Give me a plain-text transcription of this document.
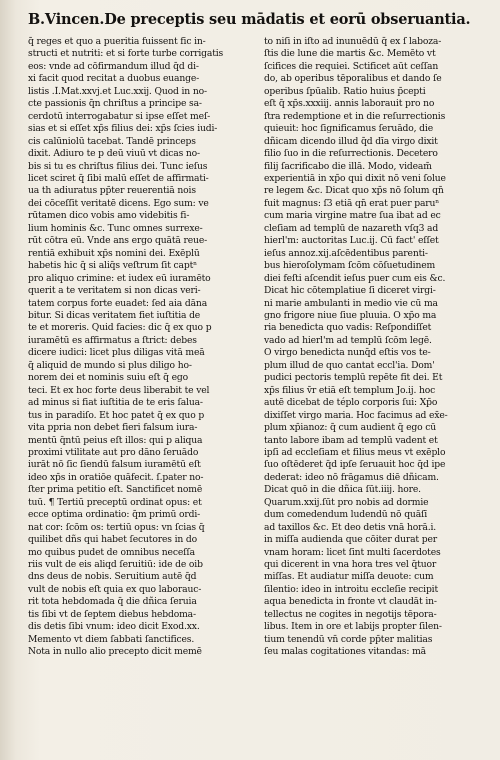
B.Vincen.De preceptis seu mādatis et eorū obseruantia.
q̄ reges et quo a pueritia fuissent fic in-
structi et nutriti: et si forte turbe corrigatis
eos: vnde ad cōfirmandum illud q̄d di-
xi facit quod recitat a duobus euange-
listis .Ī.Mat.xxvj.et Luc.xxij. Quod in no-
cte passionis q̄n chriſtus a principe sa-
cerdotū interrogabatur si ipse eſſet meſ-
sias et si eſſet xp̄s filius dei: xp̄s ſcies iudi-
cis calūniolū tacebat. Tandē princeps
dixit. Adiuro te p deū viuū vt dicas no-
bis si tu es chriſtus filius dei. Tunc ieſus
licet sciret q̄ ſibi malū eſſet de affirmati-
ua th̄ adiuratus pp̄ter reuerentiā nois
dei cōceſſit veritatē dicens. Ego sum: ve
rūtamen dico vobis amo videbitis fi-
lium hominis &c. Tunc omnes surrexe-
rūt cōtra eū. Vnde ans ergo quātā reue-
rentiā exhibuit xp̄s nomini dei. Exēplū
habetis hic q̄ si aliq̄s veſtrum ſit captⁿ
pro aliquo crimine: et iudex eū iuramēto
querit a te veritatem si non dicas veri-
tatem corpus forte euadet: ſed aia dāna
bitur. Si dicas veritatem fiet iuſtitia de
te et moreris. Quid facies: dic q̄ ex quo p
iuramētū es affirmatus a ſtrict: debes
dicere iudici: licet plus diligas vitā meā
q̄ aliquid de mundo si plus diligo ho-
norem dei et nominis suiu eſt q̄ ego
teci. Et ex hoc forte deus liberabit te vel
ad minus si fiat iuſtitia de te eris ſalua-
tus in paradiſo. Et hoc patet q̄ ex quo p
vita ppria non debet fieri falsum iura-
mentū q̄ntū peius eſt illos: qui p aliqua
proximi vtilitate aut pro dāno ſeruādo
iurāt nō ſic ſiendū falsum iuramētū eſt
ideo xp̄s in oratiōe quāfecit. ſ.pater no-
ſter prima petitio eſt. Sanctificet nomē
tuū. ¶ Tertiū preceptū ordinat opus: et
ecce optima ordinatio: q̄m primū ordi-
nat cor: ſcōm os: tertiū opus: vn ſcias q̄
quilibet dñs qui habet ſecutores in do
mo quibus pudet de omnibus neceſſa
riis vult de eis aliqd ſeruitiū: ide de oib̄
dns deus de nobis. Seruitium autē q̄d
vult de nobis eſt quia ex quo laborauc-
rit tota hebdomada q̄ die dñica ſeruia
tis ſibi vt de ſeptem diebus hebdoma-
dis detis ſibi vnum: ideo dicit Exod.xx.
Memento vt diem ſabbati ſanctifices.
Nota in nullo alio precepto dicit memē
to niſi in iſto ad inunuēdū q̄ ex ſ laboza-
ſtis die lune die martis &c. Memēto vt
ſcifices die requiei. Sctificet aūt ceſſan
do, ab operibus tēporalibus et dando ſe
operibus ſpūalib̄. Ratio huius p̄cepti
eſt q̄ xp̄s.xxxiij. annis laborauit pro no
ſtra redemptione et in die reſurrectionis
quieuit: hoc ſignificamus ſeruādo, die
dñicam dicendo illud q̄d dīa virgo dixit
filio ſuo in die reſurrectionis. Decetero
filij ſacrificabo die illā. Modo, videam̄
experientiā in xp̄o qui dixit nō veni ſolue
re legem &c. Dicat quo xp̄s nō ſolum qn̄
fuit magnus: ſ3 etiā qn̄ erat puer paruⁿ
cum maria virgine matre ſua ibat ad ec
cleſiam ad templū de nazareth vſq3 ad
hierl'm: auctoritas Luc.ij. Cū fact' eſſet
ieſus annoz.xij.aſcēdentibus parenti-
bus hieroſolymam ſcōm cōſuetudinem
diei feſti aſcendit ieſus puer cum eis &c.
Dicat hic cōtemplatiue ſi diceret virgi-
ni marie ambulanti in medio vie cū ma
gno frigore niue ſiue pluuia. O xp̄o ma
ria benedicta quo vadis: Reſpondiſſet
vado ad hierl'm ad templū ſcōm legē.
O virgo benedicta nunq̄d eſtis vos te-
plum illud de quo cantat eccl'ia. Dom'
pudici pectoris templū repēte fit dei. Et
xp̄s filius v̄r etiā eſt templum Jo.ij. hoc
autē dicebat de téplo corporis ſui: Xp̄o
dixiſſet virgo maria. Hoc facimus ad ex̄e-
plum xp̄ianoz: q̄ cum audient q̄ ego cū
tanto labore ibam ad templū vadent et
ipſi ad eccleſiam et filius meus vt exēplo
ſuo oſtēderet q̄d ipſe ſeruauit hoc q̄d ipe
dederat: ideo nō frāgamus diē dñicam.
Dicat quō in die dñica ſūt.iiij. hore.
Quarum.xxij.ſūt pro nobis ad dormie
dum comedendum ludendū nō quāſī
ad taxillos &c. Et deo detis vnā horā.i.
in miſſa audienda que cōiter durat per
vnam horam: licet ſint multi ſacerdotes
qui dicerent in vna hora tres vel q̄tuor
miſſas. Et audiatur miſſa deuote: cum
ſilentio: ideo in introitu eccleſie recipit
aqua benedicta in fronte vt claudāt in-
tellectus ne cogites in negotijs tēpora-
libus. Item in ore et labijs propter ſilen-
tium tenendū vn̄ corde pp̄ter malitias
ſeu malas cogitationes vitandas: mā
